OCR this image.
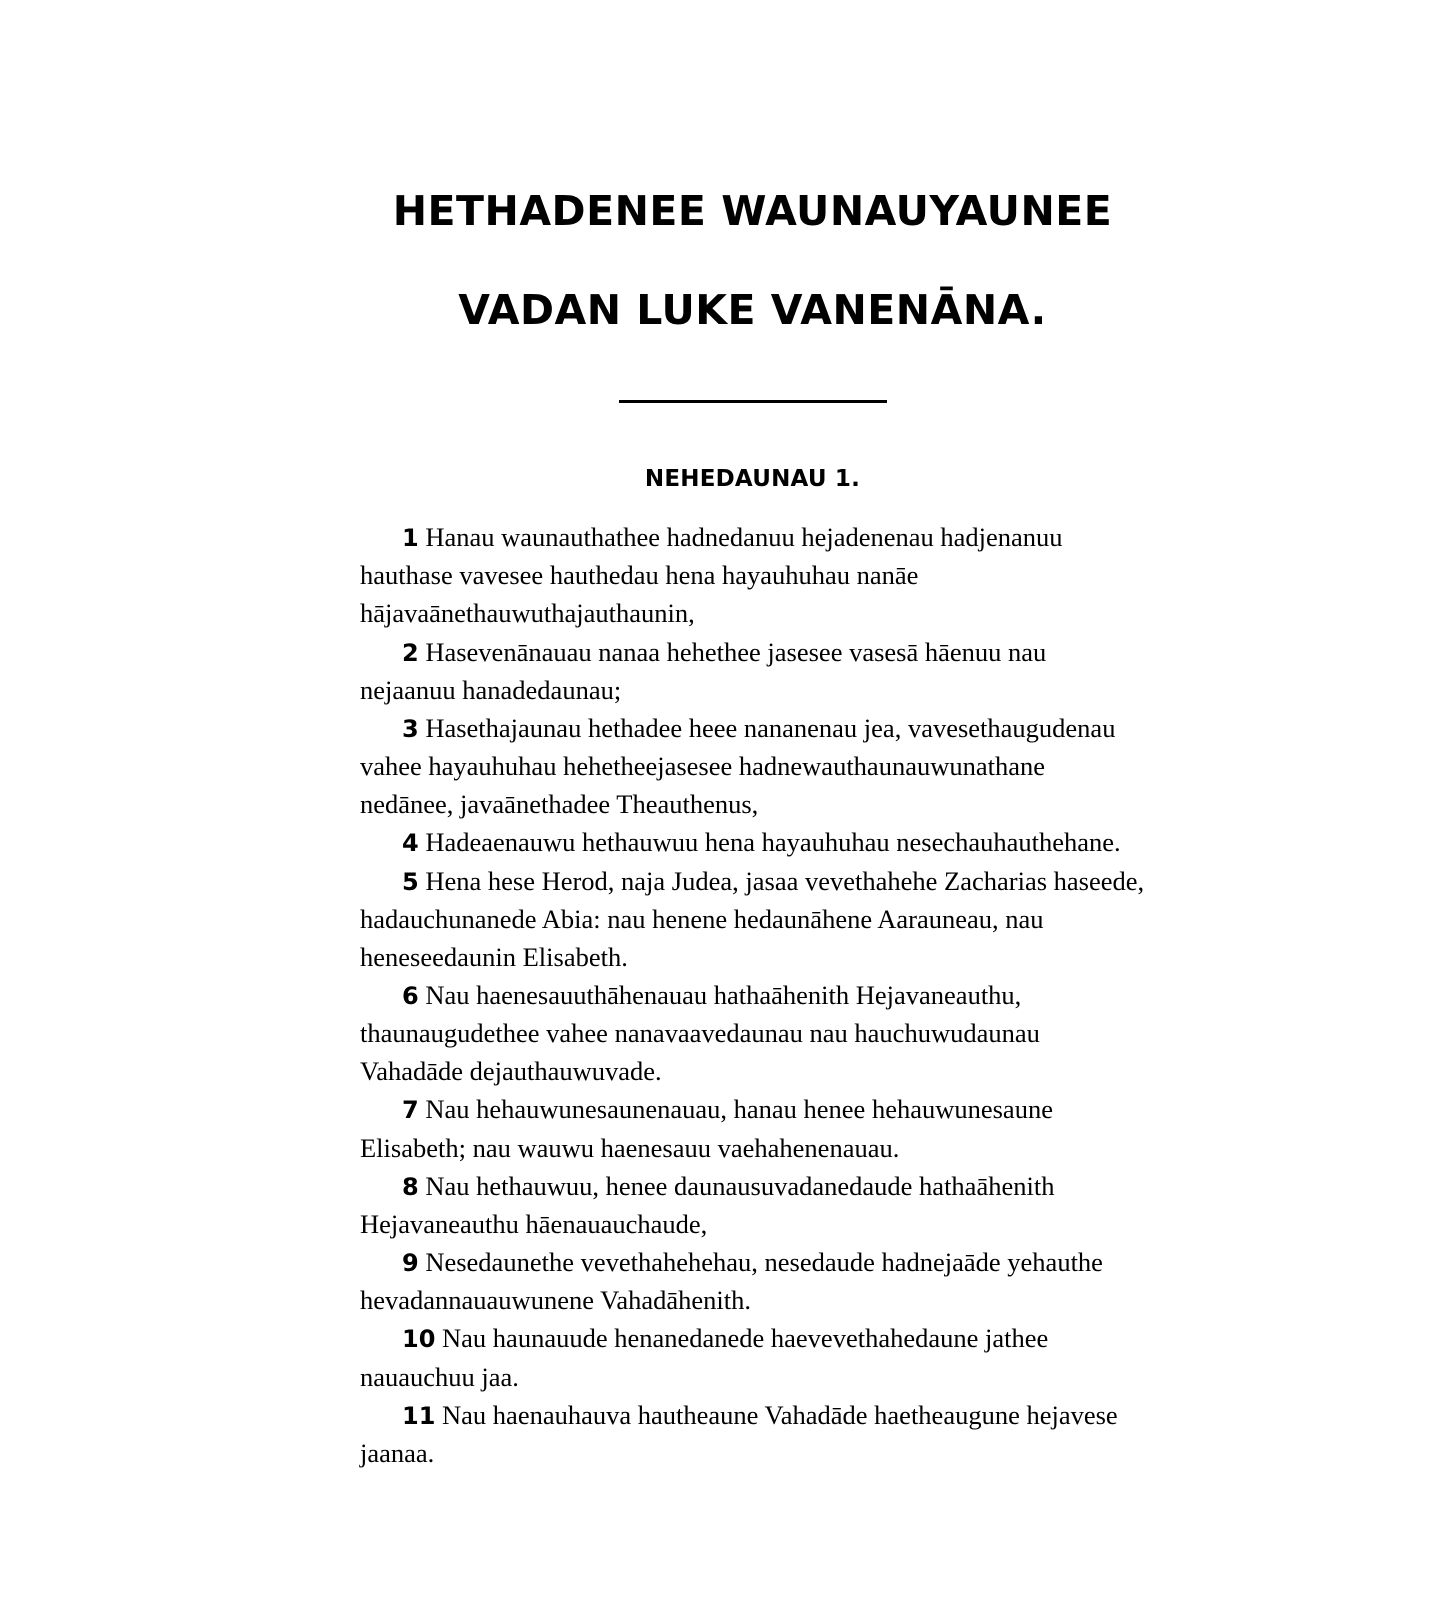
HETHADENEE WAUNAUYAUNEE
VADAN LUKE VANENĀNA.
NEHEDAUNAU 1.

1 Hanau waunauthathee hadnedanuu hejadenenau hadjenanuu hauthase vavesee hauthedau hena hayauhuhau nanāe hājavaānethauwuthajauthaunin,

2 Hasevenānauau nanaa hehethee jasesee vasesā hāenuu nau nejaanuu hanadedaunau;

3 Hasethajaunau hethadee heee nananenau jea, vavesethaugudenau vahee hayauhuhau hehetheejasesee hadnewauthaunauwunathane nedānee, javaānethadee Theauthenus,

4 Hadeaenauwu hethauwuu hena hayauhuhau nesechauhauthehane.

5 Hena hese Herod, naja Judea, jasaa vevethahehe Zacharias haseede, hadauchunanede Abia: nau henene hedaunāhene Aarauneau, nau heneseedaunin Elisabeth.

6 Nau haenesauuthāhenauau hathaāhenith Hejavaneauthu, thaunaugudethee vahee nanavaavedaunau nau hauchuwudaunau Vahadāde dejauthauwuvade.

7 Nau hehauwunesaunenauau, hanau henee hehauwunesaune Elisabeth; nau wauwu haenesauu vaehahenenauau.

8 Nau hethauwuu, henee daunausuvadanedaude hathaāhenith Hejavaneauthu hāenauauchaude,

9 Nesedaunethe vevethahehehau, nesedaude hadnejaāde yehauthe hevadannauauwunene Vahadāhenith.

10 Nau haunauude henanedanede haevevethahedaune jathee nauauchuu jaa.

11 Nau haenauhauva hautheaune Vahadāde haetheaugune hejavese jaanaa.
